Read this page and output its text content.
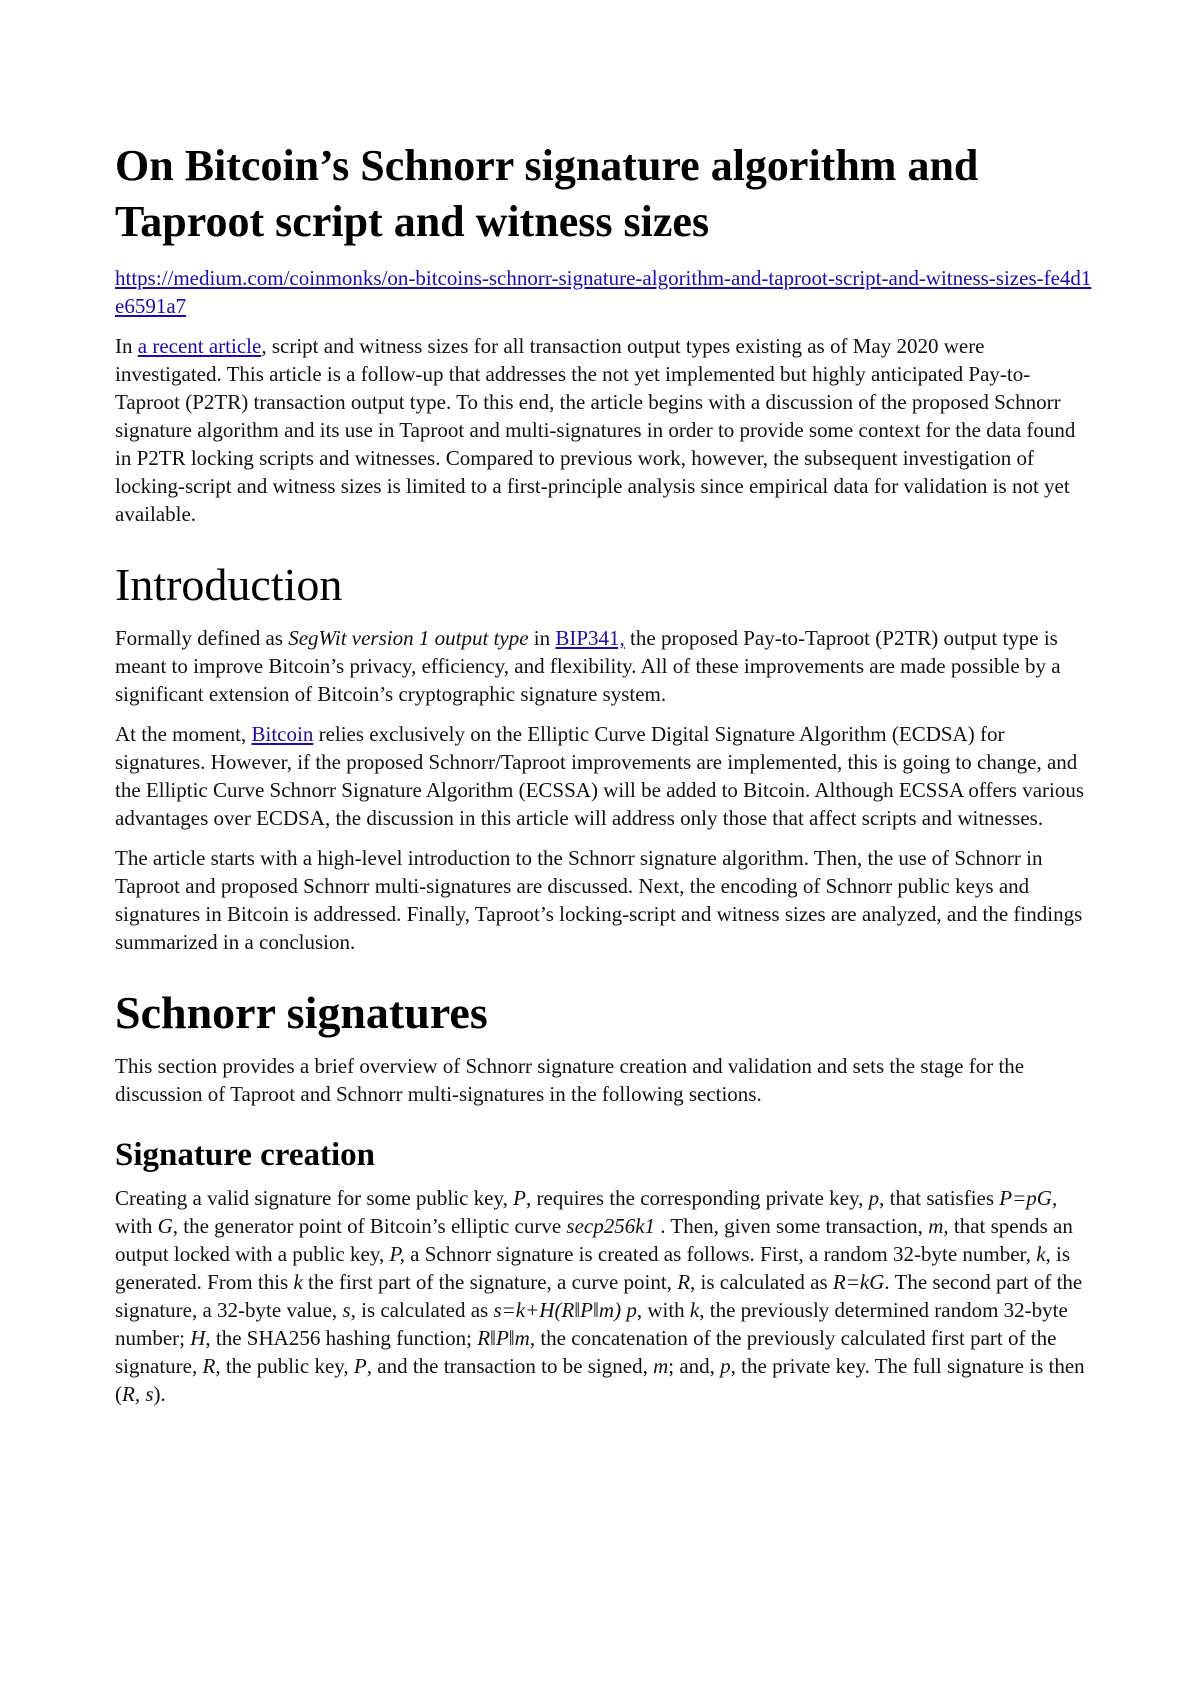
On Bitcoin’s Schnorr signature algorithm and Taproot script and witness sizes
https://medium.com/coinmonks/on-bitcoins-schnorr-signature-algorithm-and-taproot-script-and-witness-sizes-fe4d1e6591a7

In a recent article, script and witness sizes for all transaction output types existing as of May 2020 were investigated. This article is a follow-up that addresses the not yet implemented but highly anticipated Pay-to-Taproot (P2TR) transaction output type. To this end, the article begins with a discussion of the proposed Schnorr signature algorithm and its use in Taproot and multi-signatures in order to provide some context for the data found in P2TR locking scripts and witnesses. Compared to previous work, however, the subsequent investigation of locking-script and witness sizes is limited to a first-principle analysis since empirical data for validation is not yet available.

Introduction

Formally defined as SegWit version 1 output type in BIP341, the proposed Pay-to-Taproot (P2TR) output type is meant to improve Bitcoin’s privacy, efficiency, and flexibility. All of these improvements are made possible by a significant extension of Bitcoin’s cryptographic signature system.

At the moment, Bitcoin relies exclusively on the Elliptic Curve Digital Signature Algorithm (ECDSA) for signatures. However, if the proposed Schnorr/Taproot improvements are implemented, this is going to change, and the Elliptic Curve Schnorr Signature Algorithm (ECSSA) will be added to Bitcoin. Although ECSSA offers various advantages over ECDSA, the discussion in this article will address only those that affect scripts and witnesses.

The article starts with a high-level introduction to the Schnorr signature algorithm. Then, the use of Schnorr in Taproot and proposed Schnorr multi-signatures are discussed. Next, the encoding of Schnorr public keys and signatures in Bitcoin is addressed. Finally, Taproot’s locking-script and witness sizes are analyzed, and the findings summarized in a conclusion.

Schnorr signatures

This section provides a brief overview of Schnorr signature creation and validation and sets the stage for the discussion of Taproot and Schnorr multi-signatures in the following sections.

Signature creation

Creating a valid signature for some public key, P, requires the corresponding private key, p, that satisfies P=pG, with G, the generator point of Bitcoin’s elliptic curve secp256k1 . Then, given some transaction, m, that spends an output locked with a public key, P, a Schnorr signature is created as follows. First, a random 32-byte number, k, is generated. From this k the first part of the signature, a curve point, R, is calculated as R=kG. The second part of the signature, a 32-byte value, s, is calculated as s=k+H(R‖P‖m) p, with k, the previously determined random 32-byte number; H, the SHA256 hashing function; R‖P‖m, the concatenation of the previously calculated first part of the signature, R, the public key, P, and the transaction to be signed, m; and, p, the private key. The full signature is then (R, s).
